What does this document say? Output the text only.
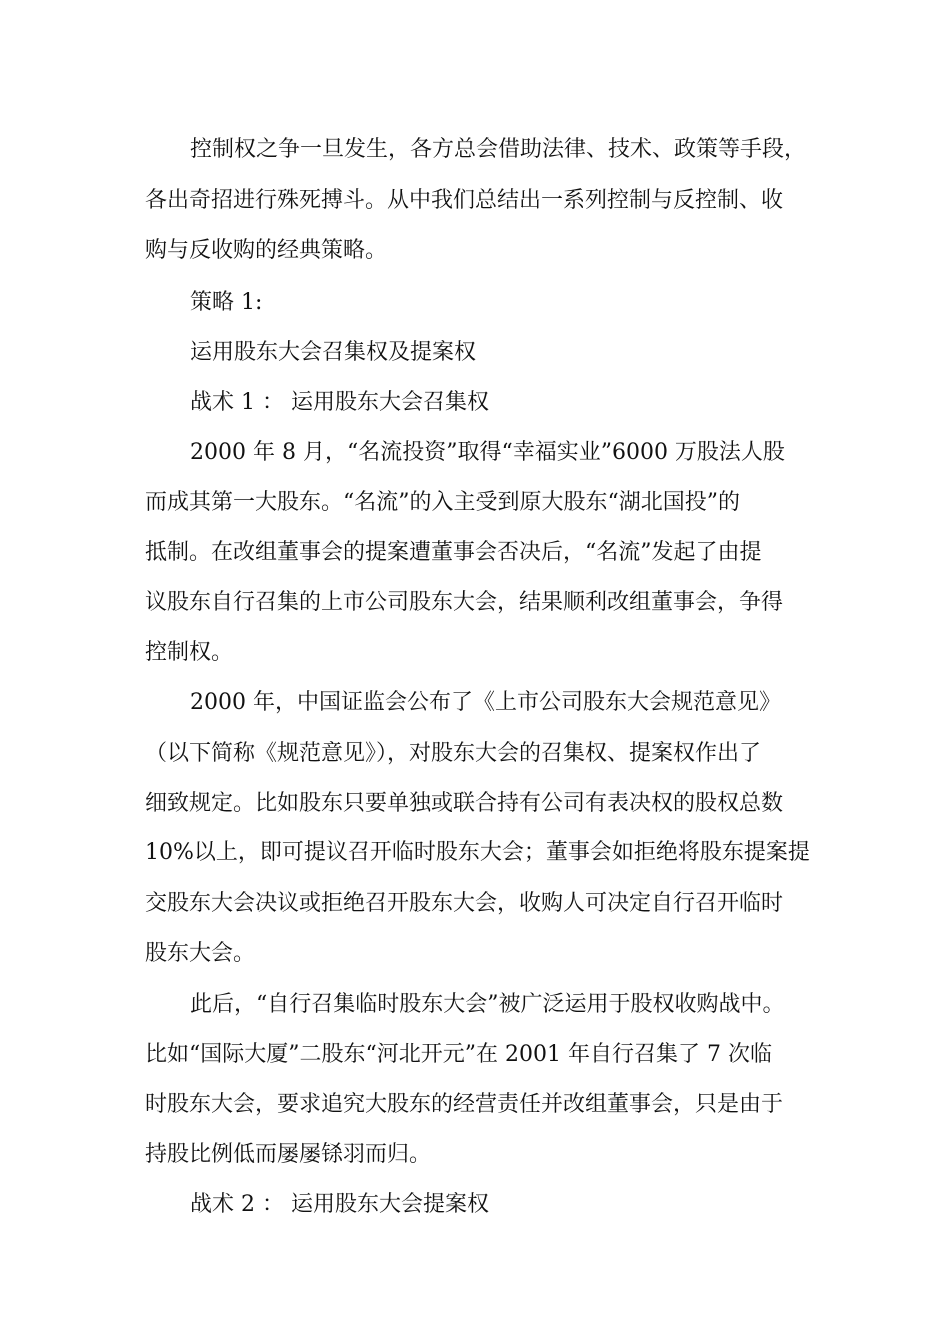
控制权之争一旦发生，各方总会借助法律、技术、政策等手段，
各出奇招进行殊死搏斗。从中我们总结出一系列控制与反控制、收
购与反收购的经典策略。
策略 1:
运用股东大会召集权及提案权
战术 1 ： 运用股东大会召集权
2000 年 8 月，“名流投资”取得“幸福实业”6000 万股法人股
而成其第一大股东。“名流”的入主受到原大股东“湖北国投”的
抵制。在改组董事会的提案遭董事会否决后，“名流”发起了由提
议股东自行召集的上市公司股东大会，结果顺利改组董事会，争得
控制权。
2000 年，中国证监会公布了《上市公司股东大会规范意见》
（以下简称《规范意见》），对股东大会的召集权、提案权作出了
细致规定。比如股东只要单独或联合持有公司有表决权的股权总数
10%以上，即可提议召开临时股东大会；董事会如拒绝将股东提案提
交股东大会决议或拒绝召开股东大会，收购人可决定自行召开临时
股东大会。
此后，“自行召集临时股东大会”被广泛运用于股权收购战中。
比如“国际大厦”二股东“河北开元”在 2001 年自行召集了 7 次临
时股东大会，要求追究大股东的经营责任并改组董事会，只是由于
持股比例低而屡屡铩羽而归。
战术 2 ： 运用股东大会提案权
